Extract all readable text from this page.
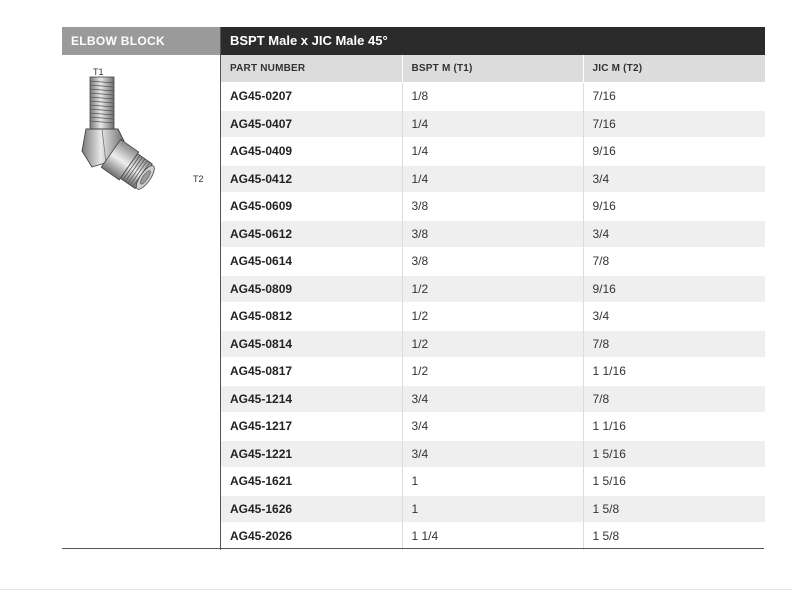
ELBOW BLOCK
T1
T2
BSPT Male x JIC Male 45°
PART NUMBER	BSPT M (T1)	JIC M (T2)
AG45-0207	1/8	7/16
AG45-0407	1/4	7/16
AG45-0409	1/4	9/16
AG45-0412	1/4	3/4
AG45-0609	3/8	9/16
AG45-0612	3/8	3/4
AG45-0614	3/8	7/8
AG45-0809	1/2	9/16
AG45-0812	1/2	3/4
AG45-0814	1/2	7/8
AG45-0817	1/2	1 1/16
AG45-1214	3/4	7/8
AG45-1217	3/4	1 1/16
AG45-1221	3/4	1 5/16
AG45-1621	1	1 5/16
AG45-1626	1	1 5/8
AG45-2026	1 1/4	1 5/8
